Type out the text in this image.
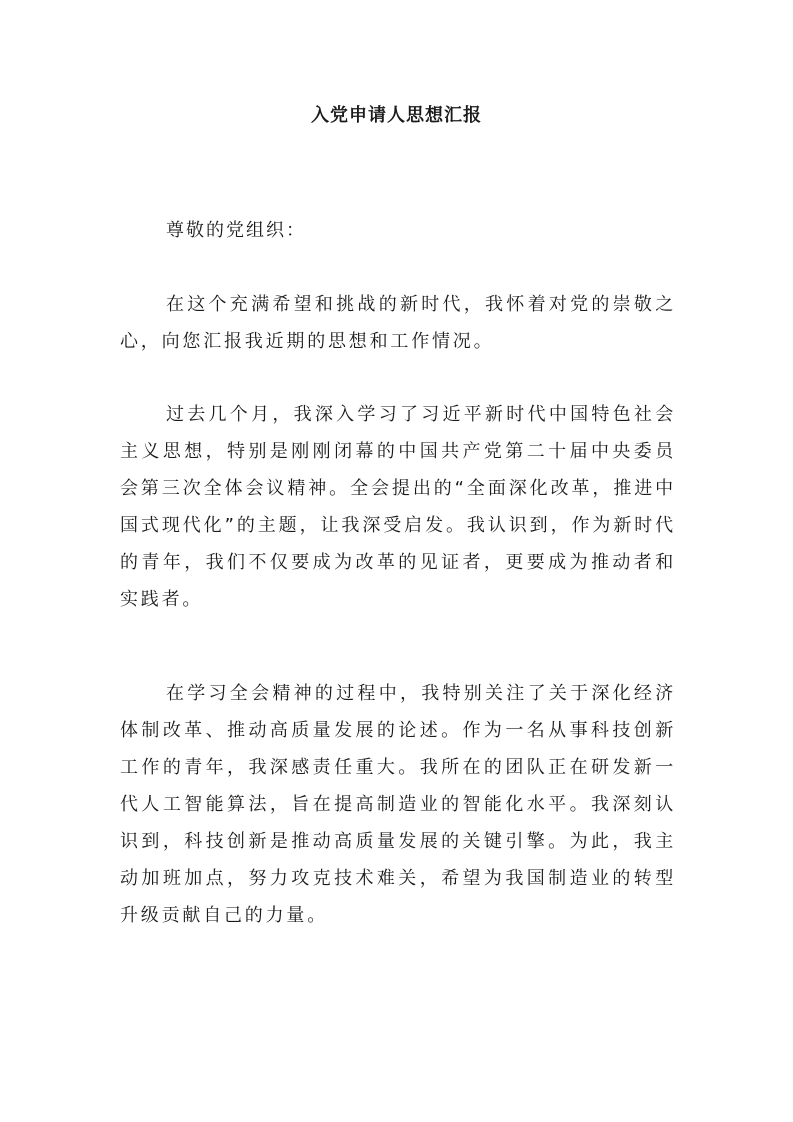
入党申请人思想汇报
尊敬的党组织：

在这个充满希望和挑战的新时代，我怀着对党的崇敬之心，向您汇报我近期的思想和工作情况。

过去几个月，我深入学习了习近平新时代中国特色社会主义思想，特别是刚刚闭幕的中国共产党第二十届中央委员会第三次全体会议精神。全会提出的“全面深化改革，推进中国式现代化”的主题，让我深受启发。我认识到，作为新时代的青年，我们不仅要成为改革的见证者，更要成为推动者和实践者。

在学习全会精神的过程中，我特别关注了关于深化经济体制改革、推动高质量发展的论述。作为一名从事科技创新工作的青年，我深感责任重大。我所在的团队正在研发新一代人工智能算法，旨在提高制造业的智能化水平。我深刻认识到，科技创新是推动高质量发展的关键引擎。为此，我主动加班加点，努力攻克技术难关，希望为我国制造业的转型升级贡献自己的力量。
